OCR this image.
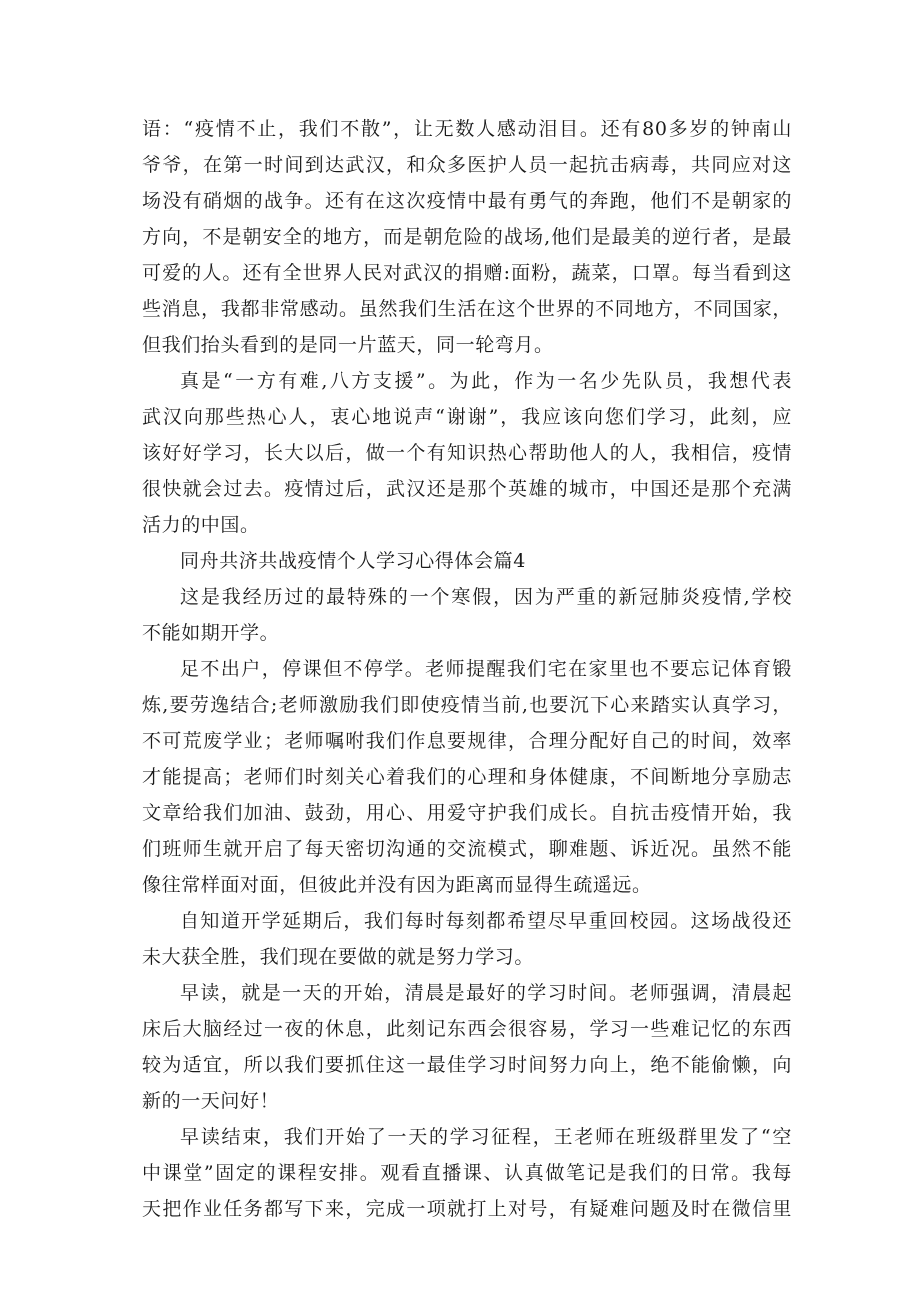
语：“疫情不止，我们不散”，让无数人感动泪目。还有80多岁的钟南山
爷爷，在第一时间到达武汉，和众多医护人员一起抗击病毒，共同应对这
场没有硝烟的战争。还有在这次疫情中最有勇气的奔跑，他们不是朝家的
方向，不是朝安全的地方，而是朝危险的战场,他们是最美的逆行者，是最
可爱的人。还有全世界人民对武汉的捐赠:面粉，蔬菜，口罩。每当看到这
些消息，我都非常感动。虽然我们生活在这个世界的不同地方，不同国家，
但我们抬头看到的是同一片蓝天，同一轮弯月。
真是“一方有难,八方支援”。为此，作为一名少先队员，我想代表
武汉向那些热心人，衷心地说声“谢谢”，我应该向您们学习，此刻，应
该好好学习，长大以后，做一个有知识热心帮助他人的人，我相信，疫情
很快就会过去。疫情过后，武汉还是那个英雄的城市，中国还是那个充满
活力的中国。
同舟共济共战疫情个人学习心得体会篇4
这是我经历过的最特殊的一个寒假，因为严重的新冠肺炎疫情,学校
不能如期开学。
足不出户，停课但不停学。老师提醒我们宅在家里也不要忘记体育锻
炼,要劳逸结合;老师激励我们即使疫情当前,也要沉下心来踏实认真学习，
不可荒废学业；老师嘱咐我们作息要规律，合理分配好自己的时间，效率
才能提高；老师们时刻关心着我们的心理和身体健康，不间断地分享励志
文章给我们加油、鼓劲，用心、用爱守护我们成长。自抗击疫情开始，我
们班师生就开启了每天密切沟通的交流模式，聊难题、诉近况。虽然不能
像往常样面对面，但彼此并没有因为距离而显得生疏遥远。
自知道开学延期后，我们每时每刻都希望尽早重回校园。这场战役还
未大获全胜，我们现在要做的就是努力学习。
早读，就是一天的开始，清晨是最好的学习时间。老师强调，清晨起
床后大脑经过一夜的休息，此刻记东西会很容易，学习一些难记忆的东西
较为适宜，所以我们要抓住这一最佳学习时间努力向上，绝不能偷懒，向
新的一天问好！
早读结束，我们开始了一天的学习征程，王老师在班级群里发了“空
中课堂”固定的课程安排。观看直播课、认真做笔记是我们的日常。我每
天把作业任务都写下来，完成一项就打上对号，有疑难问题及时在微信里
